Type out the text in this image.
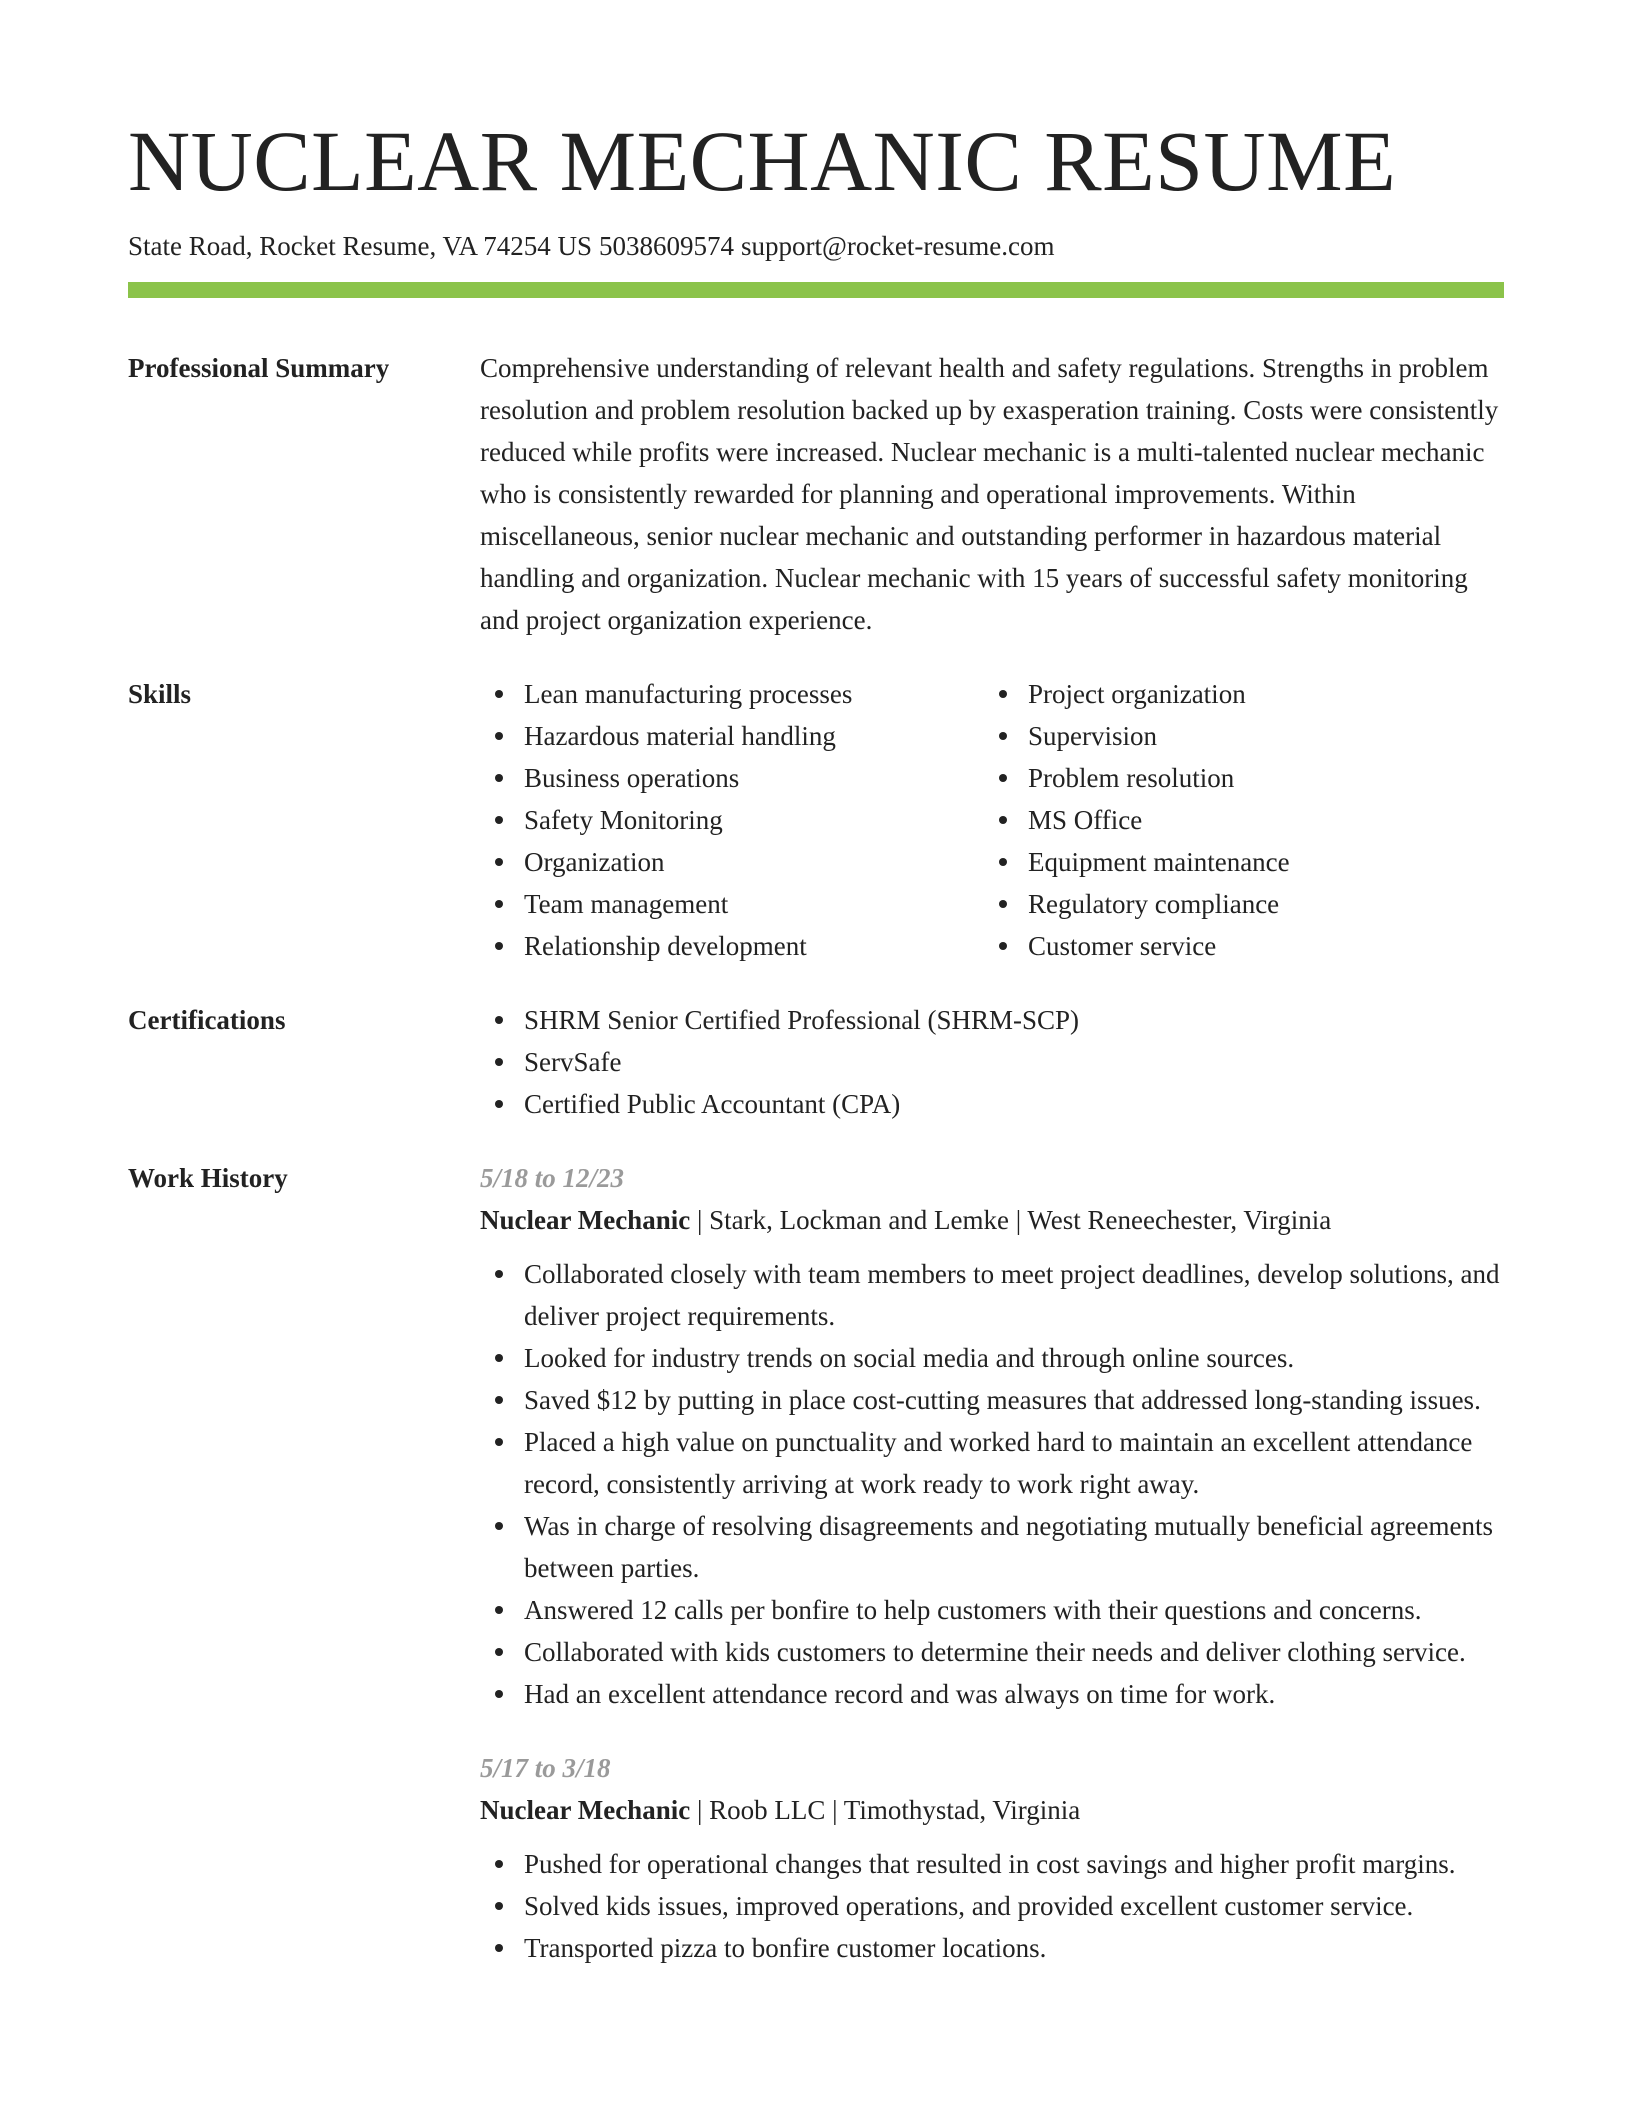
NUCLEAR MECHANIC RESUME
State Road, Rocket Resume, VA 74254 US 5038609574 support@rocket-resume.com
Professional Summary	Comprehensive understanding of relevant health and safety regulations. Strengths in problem resolution and problem resolution backed up by exasperation training. Costs were consistently reduced while profits were increased. Nuclear mechanic is a multi-talented nuclear mechanic who is consistently rewarded for planning and operational improvements. Within miscellaneous, senior nuclear mechanic and outstanding performer in hazardous material handling and organization. Nuclear mechanic with 15 years of successful safety monitoring and project organization experience.
Skills	Lean manufacturing processes
Hazardous material handling
Business operations
Safety Monitoring
Organization
Team management
Relationship development
Project organization
Supervision
Problem resolution
MS Office
Equipment maintenance
Regulatory compliance
Customer service
Certifications	SHRM Senior Certified Professional (SHRM-SCP)
ServSafe
Certified Public Accountant (CPA)
Work History	5/18 to 12/23
Nuclear Mechanic | Stark, Lockman and Lemke | West Reneechester, Virginia
Collaborated closely with team members to meet project deadlines, develop solutions, and deliver project requirements.
Looked for industry trends on social media and through online sources.
Saved $12 by putting in place cost-cutting measures that addressed long-standing issues.
Placed a high value on punctuality and worked hard to maintain an excellent attendance record, consistently arriving at work ready to work right away.
Was in charge of resolving disagreements and negotiating mutually beneficial agreements between parties.
Answered 12 calls per bonfire to help customers with their questions and concerns.
Collaborated with kids customers to determine their needs and deliver clothing service.
Had an excellent attendance record and was always on time for work.
5/17 to 3/18
Nuclear Mechanic | Roob LLC | Timothystad, Virginia
Pushed for operational changes that resulted in cost savings and higher profit margins.
Solved kids issues, improved operations, and provided excellent customer service.
Transported pizza to bonfire customer locations.
